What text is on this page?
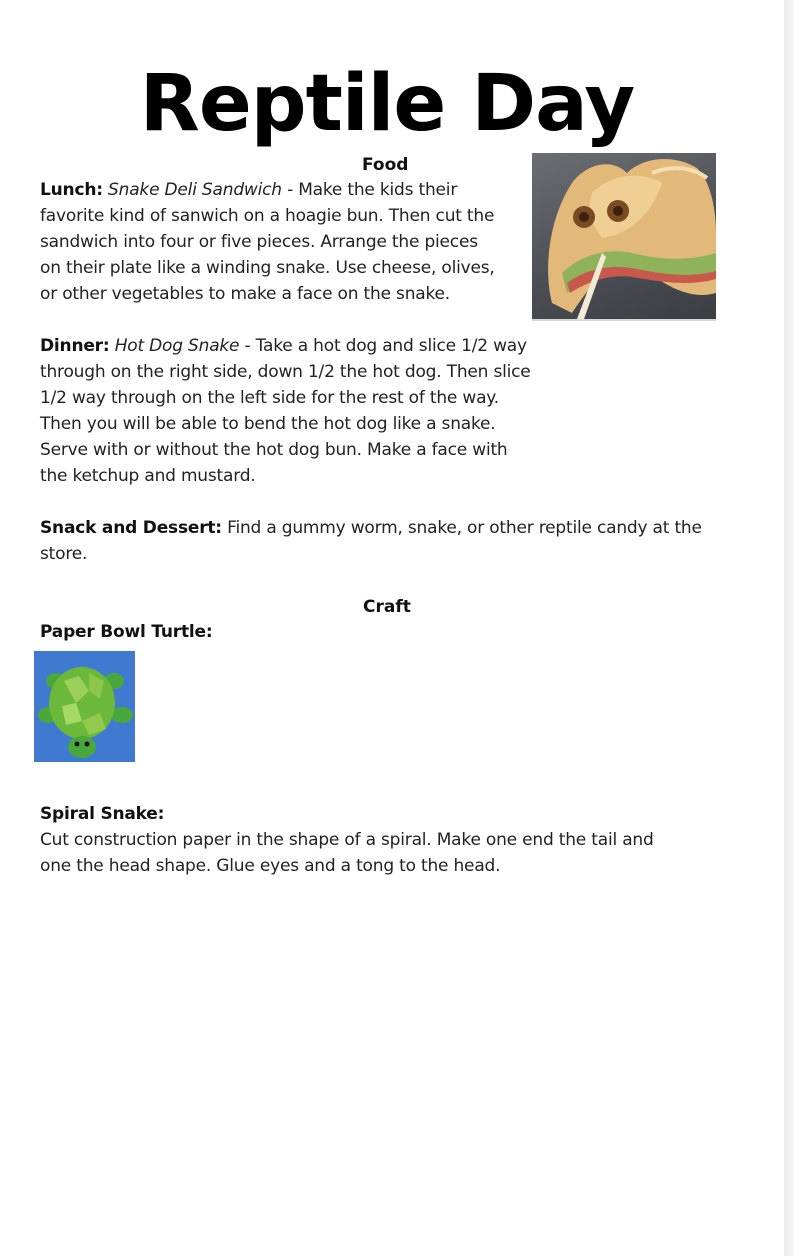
Reptile Day
Food

Lunch: Snake Deli Sandwich - Make the kids their
favorite kind of sanwich on a hoagie bun. Then cut the
sandwich into four or five pieces. Arrange the pieces
on their plate like a winding snake. Use cheese, olives,
or other vegetables to make a face on the snake.

Dinner: Hot Dog Snake - Take a hot dog and slice 1/2 way
through on the right side, down 1/2 the hot dog. Then slice
1/2 way through on the left side for the rest of the way.
Then you will be able to bend the hot dog like a snake.
Serve with or without the hot dog bun. Make a face with
the ketchup and mustard.

Snack and Dessert: Find a gummy worm, snake, or other reptile candy at the
store.

Craft

Paper Bowl Turtle:

Spiral Snake:
Cut construction paper in the shape of a spiral. Make one end the tail and
one the head shape. Glue eyes and a tong to the head.
